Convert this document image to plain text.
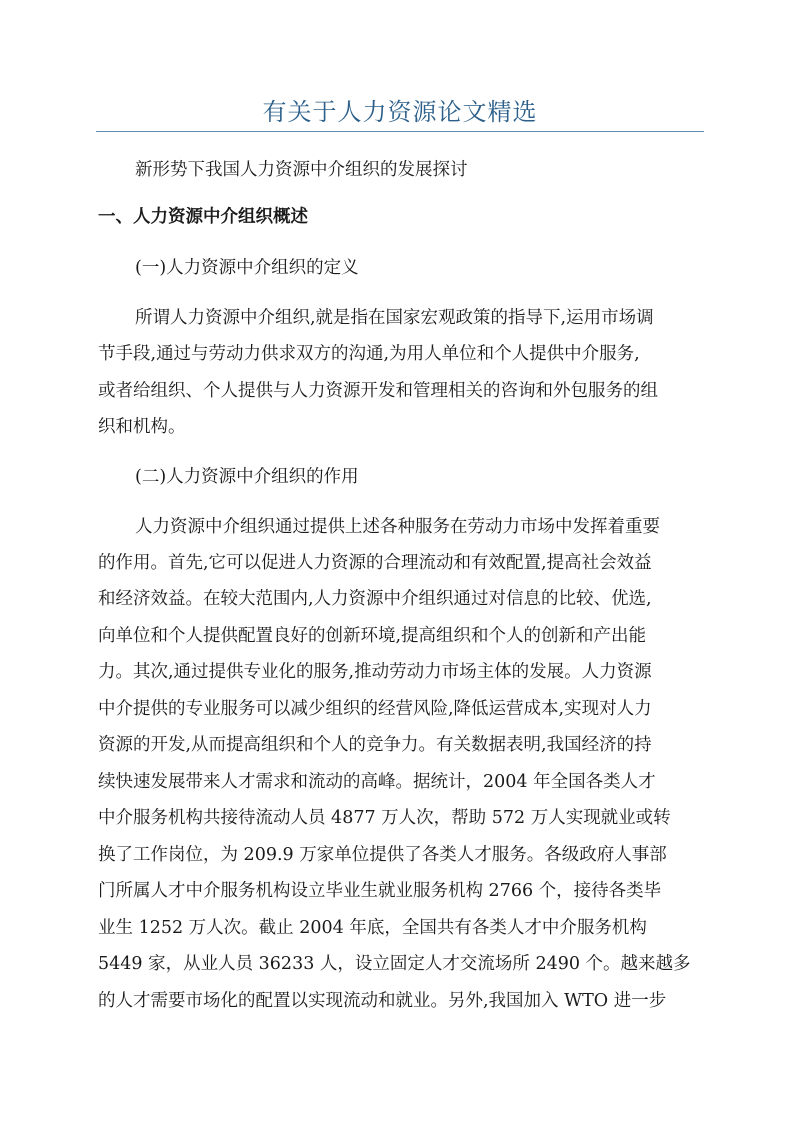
有关于人力资源论文精选

新形势下我国人力资源中介组织的发展探讨

一、人力资源中介组织概述

(一)人力资源中介组织的定义

所谓人力资源中介组织,就是指在国家宏观政策的指导下,运用市场调

节手段,通过与劳动力供求双方的沟通,为用人单位和个人提供中介服务,

或者给组织、个人提供与人力资源开发和管理相关的咨询和外包服务的组

织和机构。

(二)人力资源中介组织的作用

人力资源中介组织通过提供上述各种服务在劳动力市场中发挥着重要

的作用。首先,它可以促进人力资源的合理流动和有效配置,提高社会效益

和经济效益。在较大范围内,人力资源中介组织通过对信息的比较、优选,

向单位和个人提供配置良好的创新环境,提高组织和个人的创新和产出能

力。其次,通过提供专业化的服务,推动劳动力市场主体的发展。人力资源

中介提供的专业服务可以减少组织的经营风险,降低运营成本,实现对人力

资源的开发,从而提高组织和个人的竞争力。有关数据表明,我国经济的持

续快速发展带来人才需求和流动的高峰。据统计，2004 年全国各类人才

中介服务机构共接待流动人员 4877 万人次，帮助 572 万人实现就业或转

换了工作岗位，为 209.9 万家单位提供了各类人才服务。各级政府人事部

门所属人才中介服务机构设立毕业生就业服务机构 2766 个，接待各类毕

业生 1252 万人次。截止 2004 年底，全国共有各类人才中介服务机构

5449 家，从业人员 36233 人，设立固定人才交流场所 2490 个。越来越多

的人才需要市场化的配置以实现流动和就业。另外,我国加入 WTO 进一步
